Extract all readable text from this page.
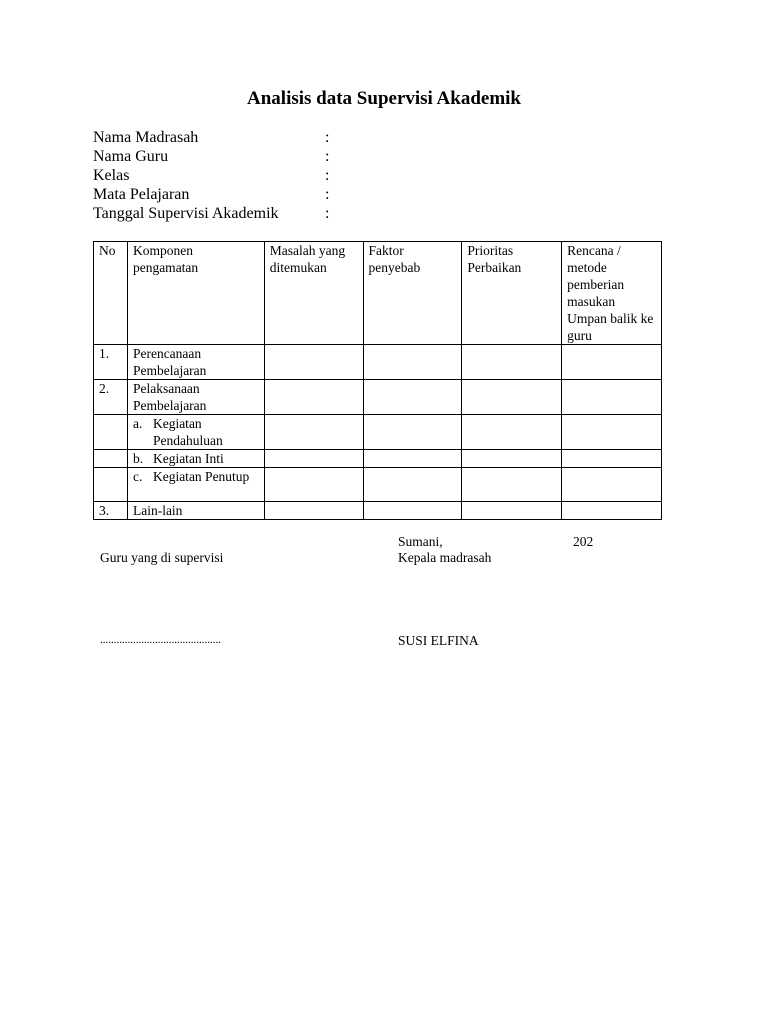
Analisis data Supervisi Akademik
Nama Madrasah	:
Nama Guru	:
Kelas	:
Mata Pelajaran	:
Tanggal Supervisi Akademik	:
No	Komponen pengamatan	Masalah yang ditemukan	Faktor penyebab	Prioritas Perbaikan	Rencana / metode pemberian masukan Umpan balik ke guru
1.	Perencanaan Pembelajaran				
2.	Pelaksanaan Pembelajaran				

	a. Kegiatan Pendahuluan				

	b. Kegiatan Inti				

	c. Kegiatan Penutup				

3.	Lain-lain				
Sumani,	202
Guru yang di supervisi	Kepala madrasah
............................................	SUSI ELFINA
